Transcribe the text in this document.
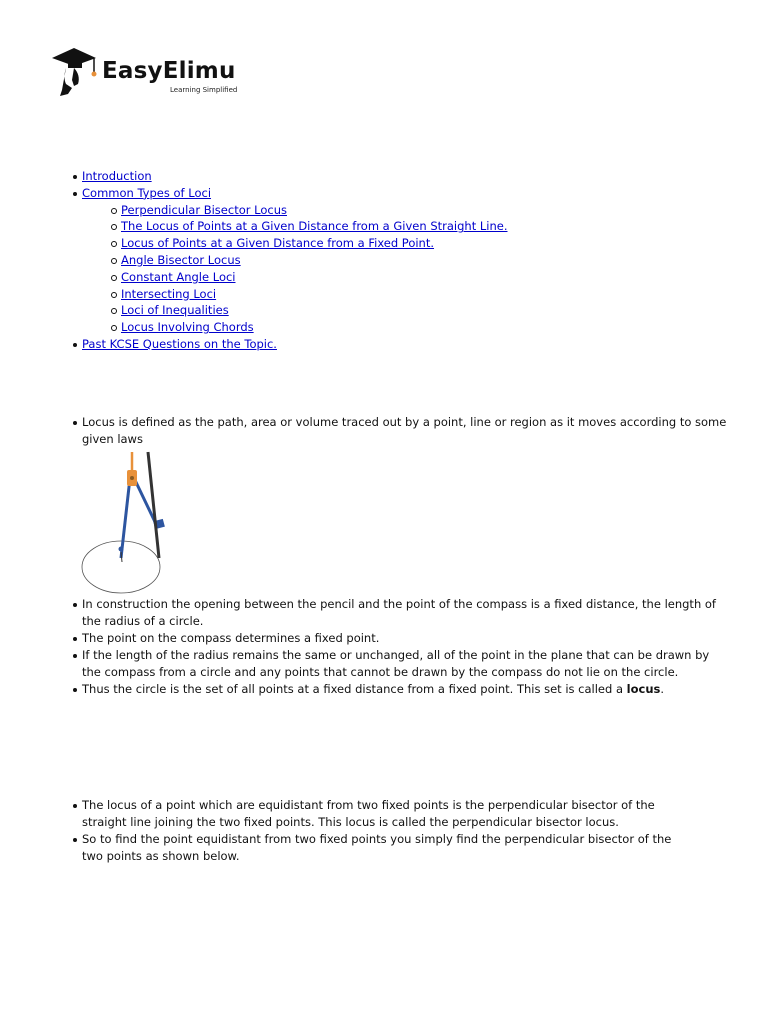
EasyElimu
Learning Simplified
Introduction
Common Types of Loci
Perpendicular Bisector Locus
The Locus of Points at a Given Distance from a Given Straight Line.
Locus of Points at a Given Distance from a Fixed Point.
Angle Bisector Locus
Constant Angle Loci
Intersecting Loci
Loci of Inequalities
Locus Involving Chords
Past KCSE Questions on the Topic.
Locus is defined as the path, area or volume traced out by a point, line or region as it moves according to some given laws
In construction the opening between the pencil and the point of the compass is a fixed distance, the length of the radius of a circle.
The point on the compass determines a fixed point.
If the length of the radius remains the same or unchanged, all of the point in the plane that can be drawn by the compass from a circle and any points that cannot be drawn by the compass do not lie on the circle.
Thus the circle is the set of all points at a fixed distance from a fixed point. This set is called a locus.
The locus of a point which are equidistant from two fixed points is the perpendicular bisector of the straight line joining the two fixed points. This locus is called the perpendicular bisector locus.
So to find the point equidistant from two fixed points you simply find the perpendicular bisector of the two points as shown below.
